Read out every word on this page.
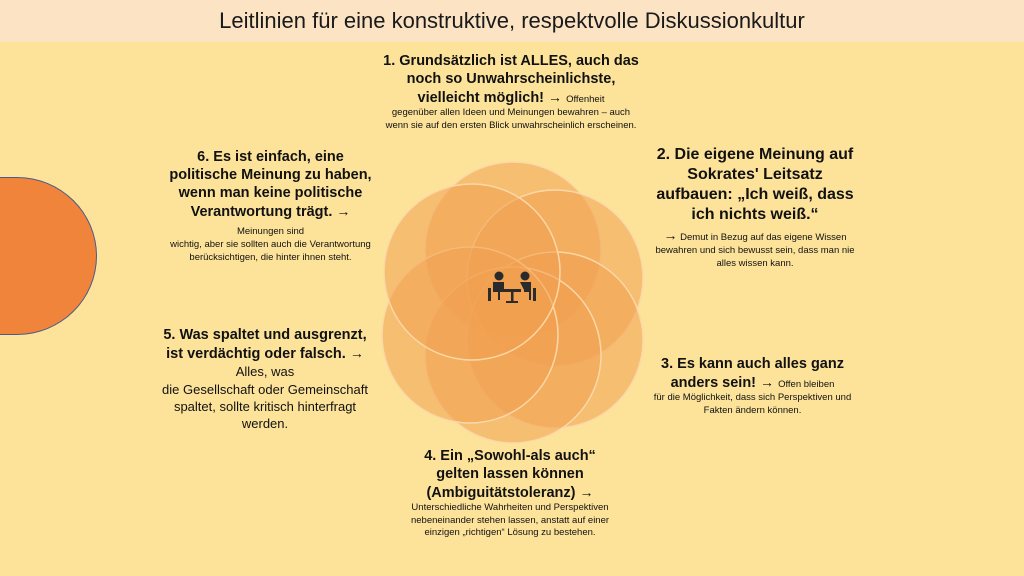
Leitlinien für eine konstruktive, respektvolle Diskussionkultur
1. Grundsätzlich ist ALLES, auch das noch so Unwahrscheinlichste, vielleicht möglich! → Offenheit
gegenüber allen Ideen und Meinungen bewahren – auch wenn sie auf den ersten Blick unwahrscheinlich erscheinen.
2. Die eigene Meinung auf Sokrates' Leitsatz aufbauen: „Ich weiß, dass ich nichts weiß.“
→ Demut in Bezug auf das eigene Wissen bewahren und sich bewusst sein, dass man nie alles wissen kann.
3. Es kann auch alles ganz anders sein! → Offen bleiben
für die Möglichkeit, dass sich Perspektiven und Fakten ändern können.
4. Ein „Sowohl-als auch“ gelten lassen können (Ambiguitätstoleranz) →
Unterschiedliche Wahrheiten und Perspektiven nebeneinander stehen lassen, anstatt auf einer einzigen „richtigen“ Lösung zu bestehen.
5. Was spaltet und ausgrenzt, ist verdächtig oder falsch. → Alles, was
die Gesellschaft oder Gemeinschaft spaltet, sollte kritisch hinterfragt werden.
6. Es ist einfach, eine politische Meinung zu haben, wenn man keine politische Verantwortung trägt. → Meinungen sind
wichtig, aber sie sollten auch die Verantwortung berücksichtigen, die hinter ihnen steht.
